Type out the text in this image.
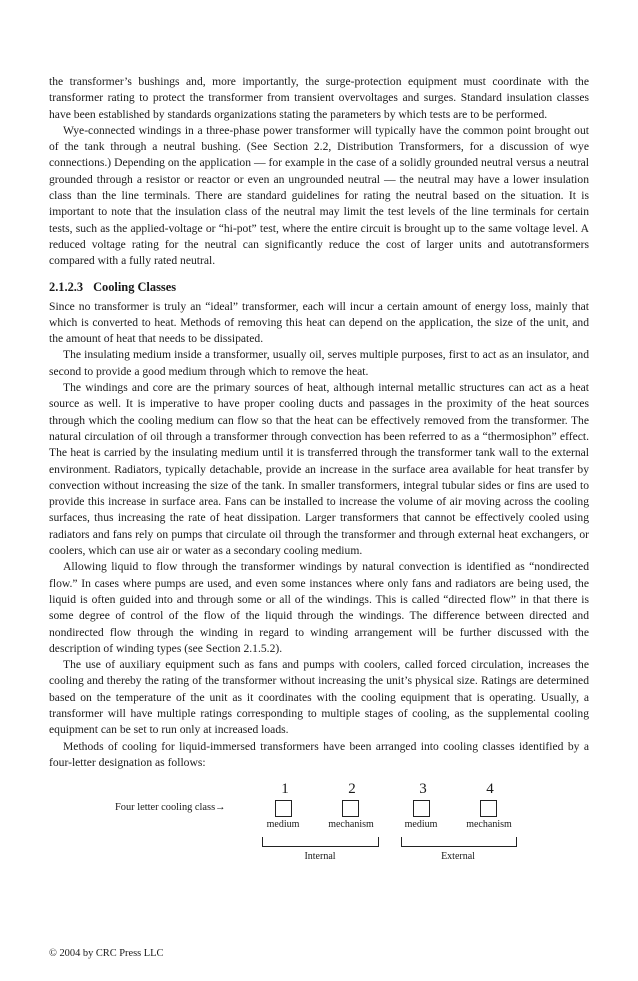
the transformer’s bushings and, more importantly, the surge-protection equipment must coordinate with the transformer rating to protect the transformer from transient overvoltages and surges. Standard insulation classes have been established by standards organizations stating the parameters by which tests are to be performed.

Wye-connected windings in a three-phase power transformer will typically have the common point brought out of the tank through a neutral bushing. (See Section 2.2, Distribution Transformers, for a discussion of wye connections.) Depending on the application — for example in the case of a solidly grounded neutral versus a neutral grounded through a resistor or reactor or even an ungrounded neutral — the neutral may have a lower insulation class than the line terminals. There are standard guidelines for rating the neutral based on the situation. It is important to note that the insulation class of the neutral may limit the test levels of the line terminals for certain tests, such as the applied-voltage or “hi-pot” test, where the entire circuit is brought up to the same voltage level. A reduced voltage rating for the neutral can significantly reduce the cost of larger units and autotransformers compared with a fully rated neutral.

2.1.2.3 Cooling Classes

Since no transformer is truly an “ideal” transformer, each will incur a certain amount of energy loss, mainly that which is converted to heat. Methods of removing this heat can depend on the application, the size of the unit, and the amount of heat that needs to be dissipated.

The insulating medium inside a transformer, usually oil, serves multiple purposes, first to act as an insulator, and second to provide a good medium through which to remove the heat.

The windings and core are the primary sources of heat, although internal metallic structures can act as a heat source as well. It is imperative to have proper cooling ducts and passages in the proximity of the heat sources through which the cooling medium can flow so that the heat can be effectively removed from the transformer. The natural circulation of oil through a transformer through convection has been referred to as a “thermosiphon” effect. The heat is carried by the insulating medium until it is transferred through the transformer tank wall to the external environment. Radiators, typically detachable, provide an increase in the surface area available for heat transfer by convection without increasing the size of the tank. In smaller transformers, integral tubular sides or fins are used to provide this increase in surface area. Fans can be installed to increase the volume of air moving across the cooling surfaces, thus increasing the rate of heat dissipation. Larger transformers that cannot be effectively cooled using radiators and fans rely on pumps that circulate oil through the transformer and through external heat exchangers, or coolers, which can use air or water as a secondary cooling medium.

Allowing liquid to flow through the transformer windings by natural convection is identified as “nondirected flow.” In cases where pumps are used, and even some instances where only fans and radiators are being used, the liquid is often guided into and through some or all of the windings. This is called “directed flow” in that there is some degree of control of the flow of the liquid through the windings. The difference between directed and nondirected flow through the winding in regard to winding arrangement will be further discussed with the description of winding types (see Section 2.1.5.2).

The use of auxiliary equipment such as fans and pumps with coolers, called forced circulation, increases the cooling and thereby the rating of the transformer without increasing the unit’s physical size. Ratings are determined based on the temperature of the unit as it coordinates with the cooling equipment that is operating. Usually, a transformer will have multiple ratings corresponding to multiple stages of cooling, as the supplemental cooling equipment can be set to run only at increased loads.

Methods of cooling for liquid-immersed transformers have been arranged into cooling classes identified by a four-letter designation as follows:

Four letter cooling class→
1	2	3	4
medium	mechanism	medium	mechanism
Internal	External
© 2004 by CRC Press LLC
